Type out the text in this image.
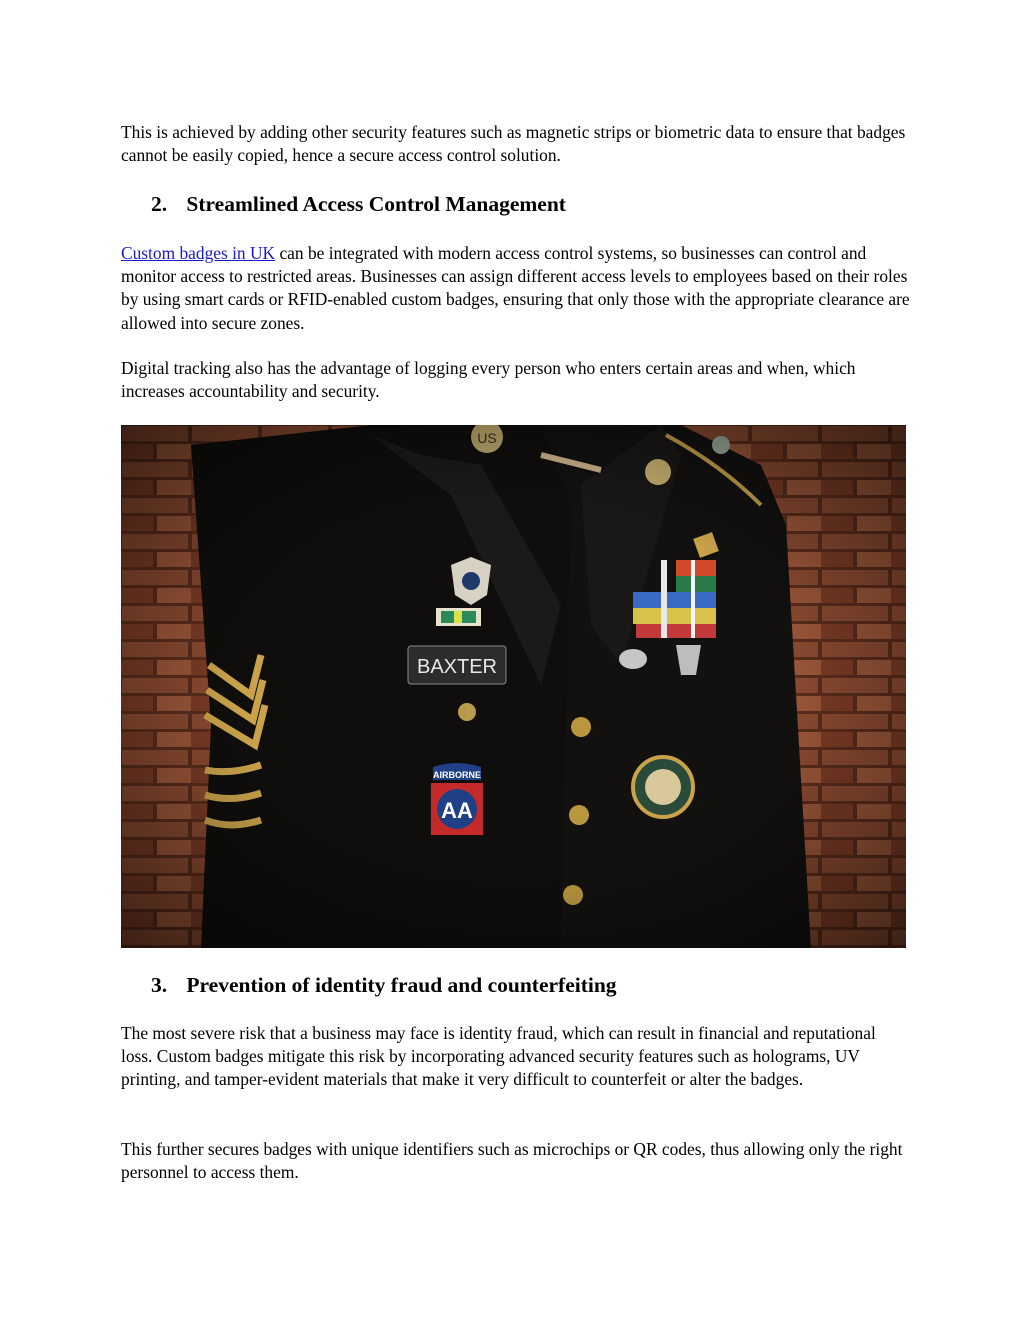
This is achieved by adding other security features such as magnetic strips or biometric data to ensure that badges cannot be easily copied, hence a secure access control solution.

2. Streamlined Access Control Management

Custom badges in UK can be integrated with modern access control systems, so businesses can control and monitor access to restricted areas. Businesses can assign different access levels to employees based on their roles by using smart cards or RFID-enabled custom badges, ensuring that only those with the appropriate clearance are allowed into secure zones.

Digital tracking also has the advantage of logging every person who enters certain areas and when, which increases accountability and security.

3. Prevention of identity fraud and counterfeiting

The most severe risk that a business may face is identity fraud, which can result in financial and reputational loss. Custom badges mitigate this risk by incorporating advanced security features such as holograms, UV printing, and tamper-evident materials that make it very difficult to counterfeit or alter the badges.

This further secures badges with unique identifiers such as microchips or QR codes, thus allowing only the right personnel to access them.
